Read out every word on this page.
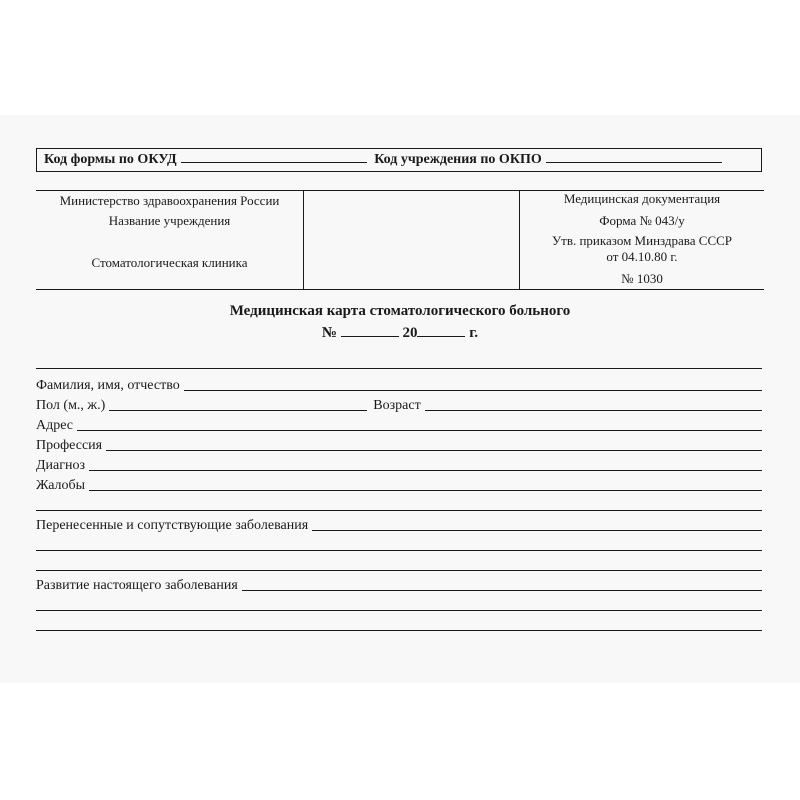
Код формы по ОКУД	Код учреждения по ОКПО
Министерство здравоохранения России
Название учреждения
Стоматологическая клиника
Медицинская документация
Форма № 043/у
Утв. приказом Минздрава СССР
от 04.10.80 г.
№ 1030
Медицинская карта стоматологического больного
№	20	г.
Фамилия, имя, отчество
Пол (м., ж.)	Возраст
Адрес
Профессия
Диагноз
Жалобы
Перенесенные и сопутствующие заболевания
Развитие настоящего заболевания
